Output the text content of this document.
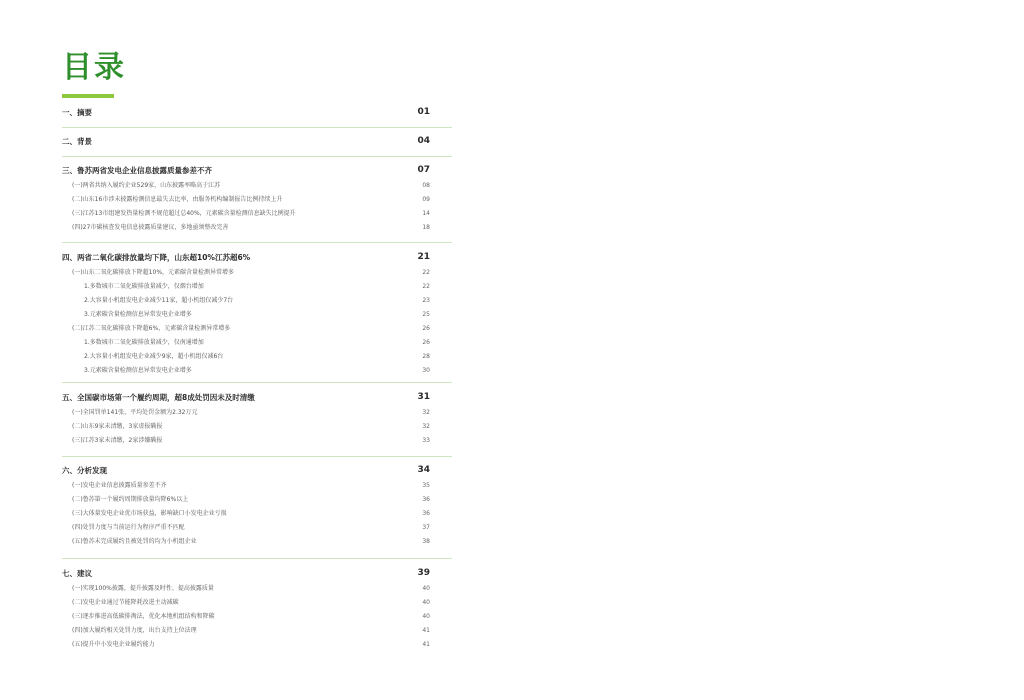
目录
一、摘要	01
二、背景	04
三、鲁苏两省发电企业信息披露质量参差不齐	07
(一)两省共纳入履约企业529家，山东披露率略高于江苏	08
(二)山东16市涉未披露检测信息最失去比率，由服务机构编制报告比例持续上升	09
(三)江苏13市组建发热量检测不规范超过总40%，元素碳含量检测信息缺失比例提升	14
(四)27市碳核查发电信息披露质量建议，多地亟须整改完善	18
四、两省二氧化碳排放量均下降，山东超10%江苏超6%	21
(一)山东二氧化碳排放下降超10%，元素碳含量检测异常增多	22
1.多数城市二氧化碳排放量减少，仅烟台增加	22
2.大容量小机组发电企业减少11家，超小机组仅减少7台	23
3.元素碳含量检测信息异常发电企业增多	25
(二)江苏二氧化碳排放下降超6%，元素碳含量检测异常增多	26
1.多数城市二氧化碳排放量减少，仅南通增加	26
2.大容量小机组发电企业减少9家，超小机组仅减6台	28
3.元素碳含量检测信息异常发电企业增多	30
五、全国碳市场第一个履约周期，超8成处罚因未及时清缴	31
(一)全国罚单141张，平均处罚金额为2.32万元	32
(二)山东9家未清缴，3家虚报瞒报	32
(三)江苏3家未清缴，2家涉嫌瞒报	33
六、分析发现	34
(一)发电企业信息披露质量参差不齐	35
(二)鲁苏第一个履约周期排放量均降6%以上	36
(三)大体量发电企业优市场获益，影响缺口小发电企业亏损	36
(四)处罚力度与当前运行为程序严重不匹配	37
(五)鲁苏未完成履约且被处罚的均为小机组企业	38
七、建议	39
(一)实现100%披露，提升披露及时性、提高披露质量	40
(二)发电企业通过节能降耗改进主动减碳	40
(三)逐步推进高低碳排淘法，优化本地机组结构和降碳	40
(四)加大履约相关处罚力度，出台支持上位法理	41
(五)提升中小发电企业履约能力	41
